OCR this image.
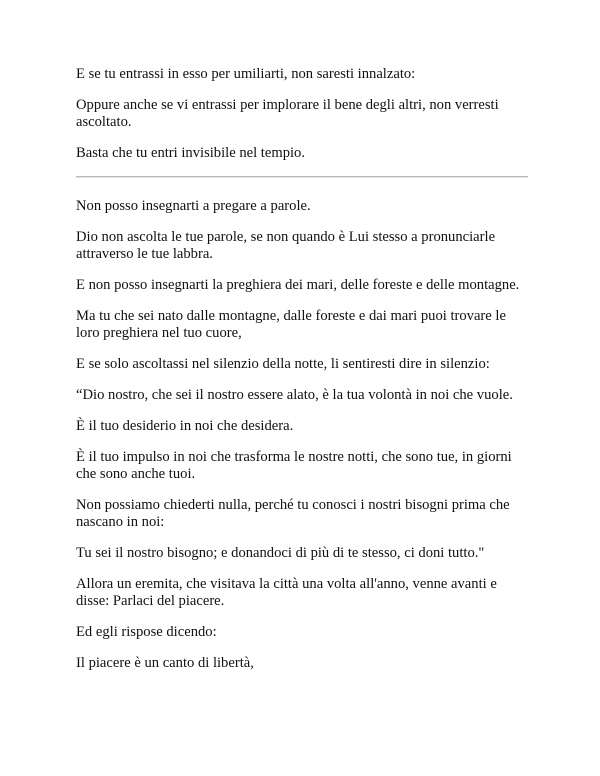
E se tu entrassi in esso per umiliarti, non saresti innalzato:

Oppure anche se vi entrassi per implorare il bene degli altri, non verresti ascoltato.

Basta che tu entri invisibile nel tempio.

Non posso insegnarti a pregare a parole.

Dio non ascolta le tue parole, se non quando è Lui stesso a pronunciarle attraverso le tue labbra.

E non posso insegnarti la preghiera dei mari, delle foreste e delle montagne.

Ma tu che sei nato dalle montagne, dalle foreste e dai mari puoi trovare le loro preghiera nel tuo cuore,

E se solo ascoltassi nel silenzio della notte, li sentiresti dire in silenzio:

“Dio nostro, che sei il nostro essere alato, è la tua volontà in noi che vuole.

È il tuo desiderio in noi che desidera.

È il tuo impulso in noi che trasforma le nostre notti, che sono tue, in giorni che sono anche tuoi.

Non possiamo chiederti nulla, perché tu conosci i nostri bisogni prima che nascano in noi:

Tu sei il nostro bisogno; e donandoci di più di te stesso, ci doni tutto."

Allora un eremita, che visitava la città una volta all'anno, venne avanti e disse: Parlaci del piacere.

Ed egli rispose dicendo:

Il piacere è un canto di libertà,
